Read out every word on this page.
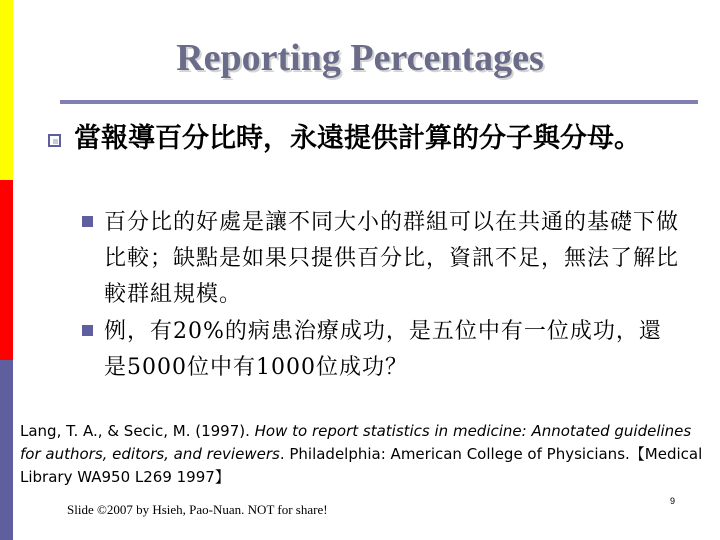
Reporting Percentages
當報導百分比時，永遠提供計算的分子與分母。
百分比的好處是讓不同大小的群組可以在共通的基礎下做比較；缺點是如果只提供百分比，資訊不足，無法了解比較群組規模。
例，有20%的病患治療成功，是五位中有一位成功，還是5000位中有1000位成功？
Lang, T. A., & Secic, M. (1997). How to report statistics in medicine: Annotated guidelines for authors, editors, and reviewers. Philadelphia: American College of Physicians.【Medical Library WA950 L269 1997】
Slide ©2007 by Hsieh, Pao-Nuan. NOT for share!
9
